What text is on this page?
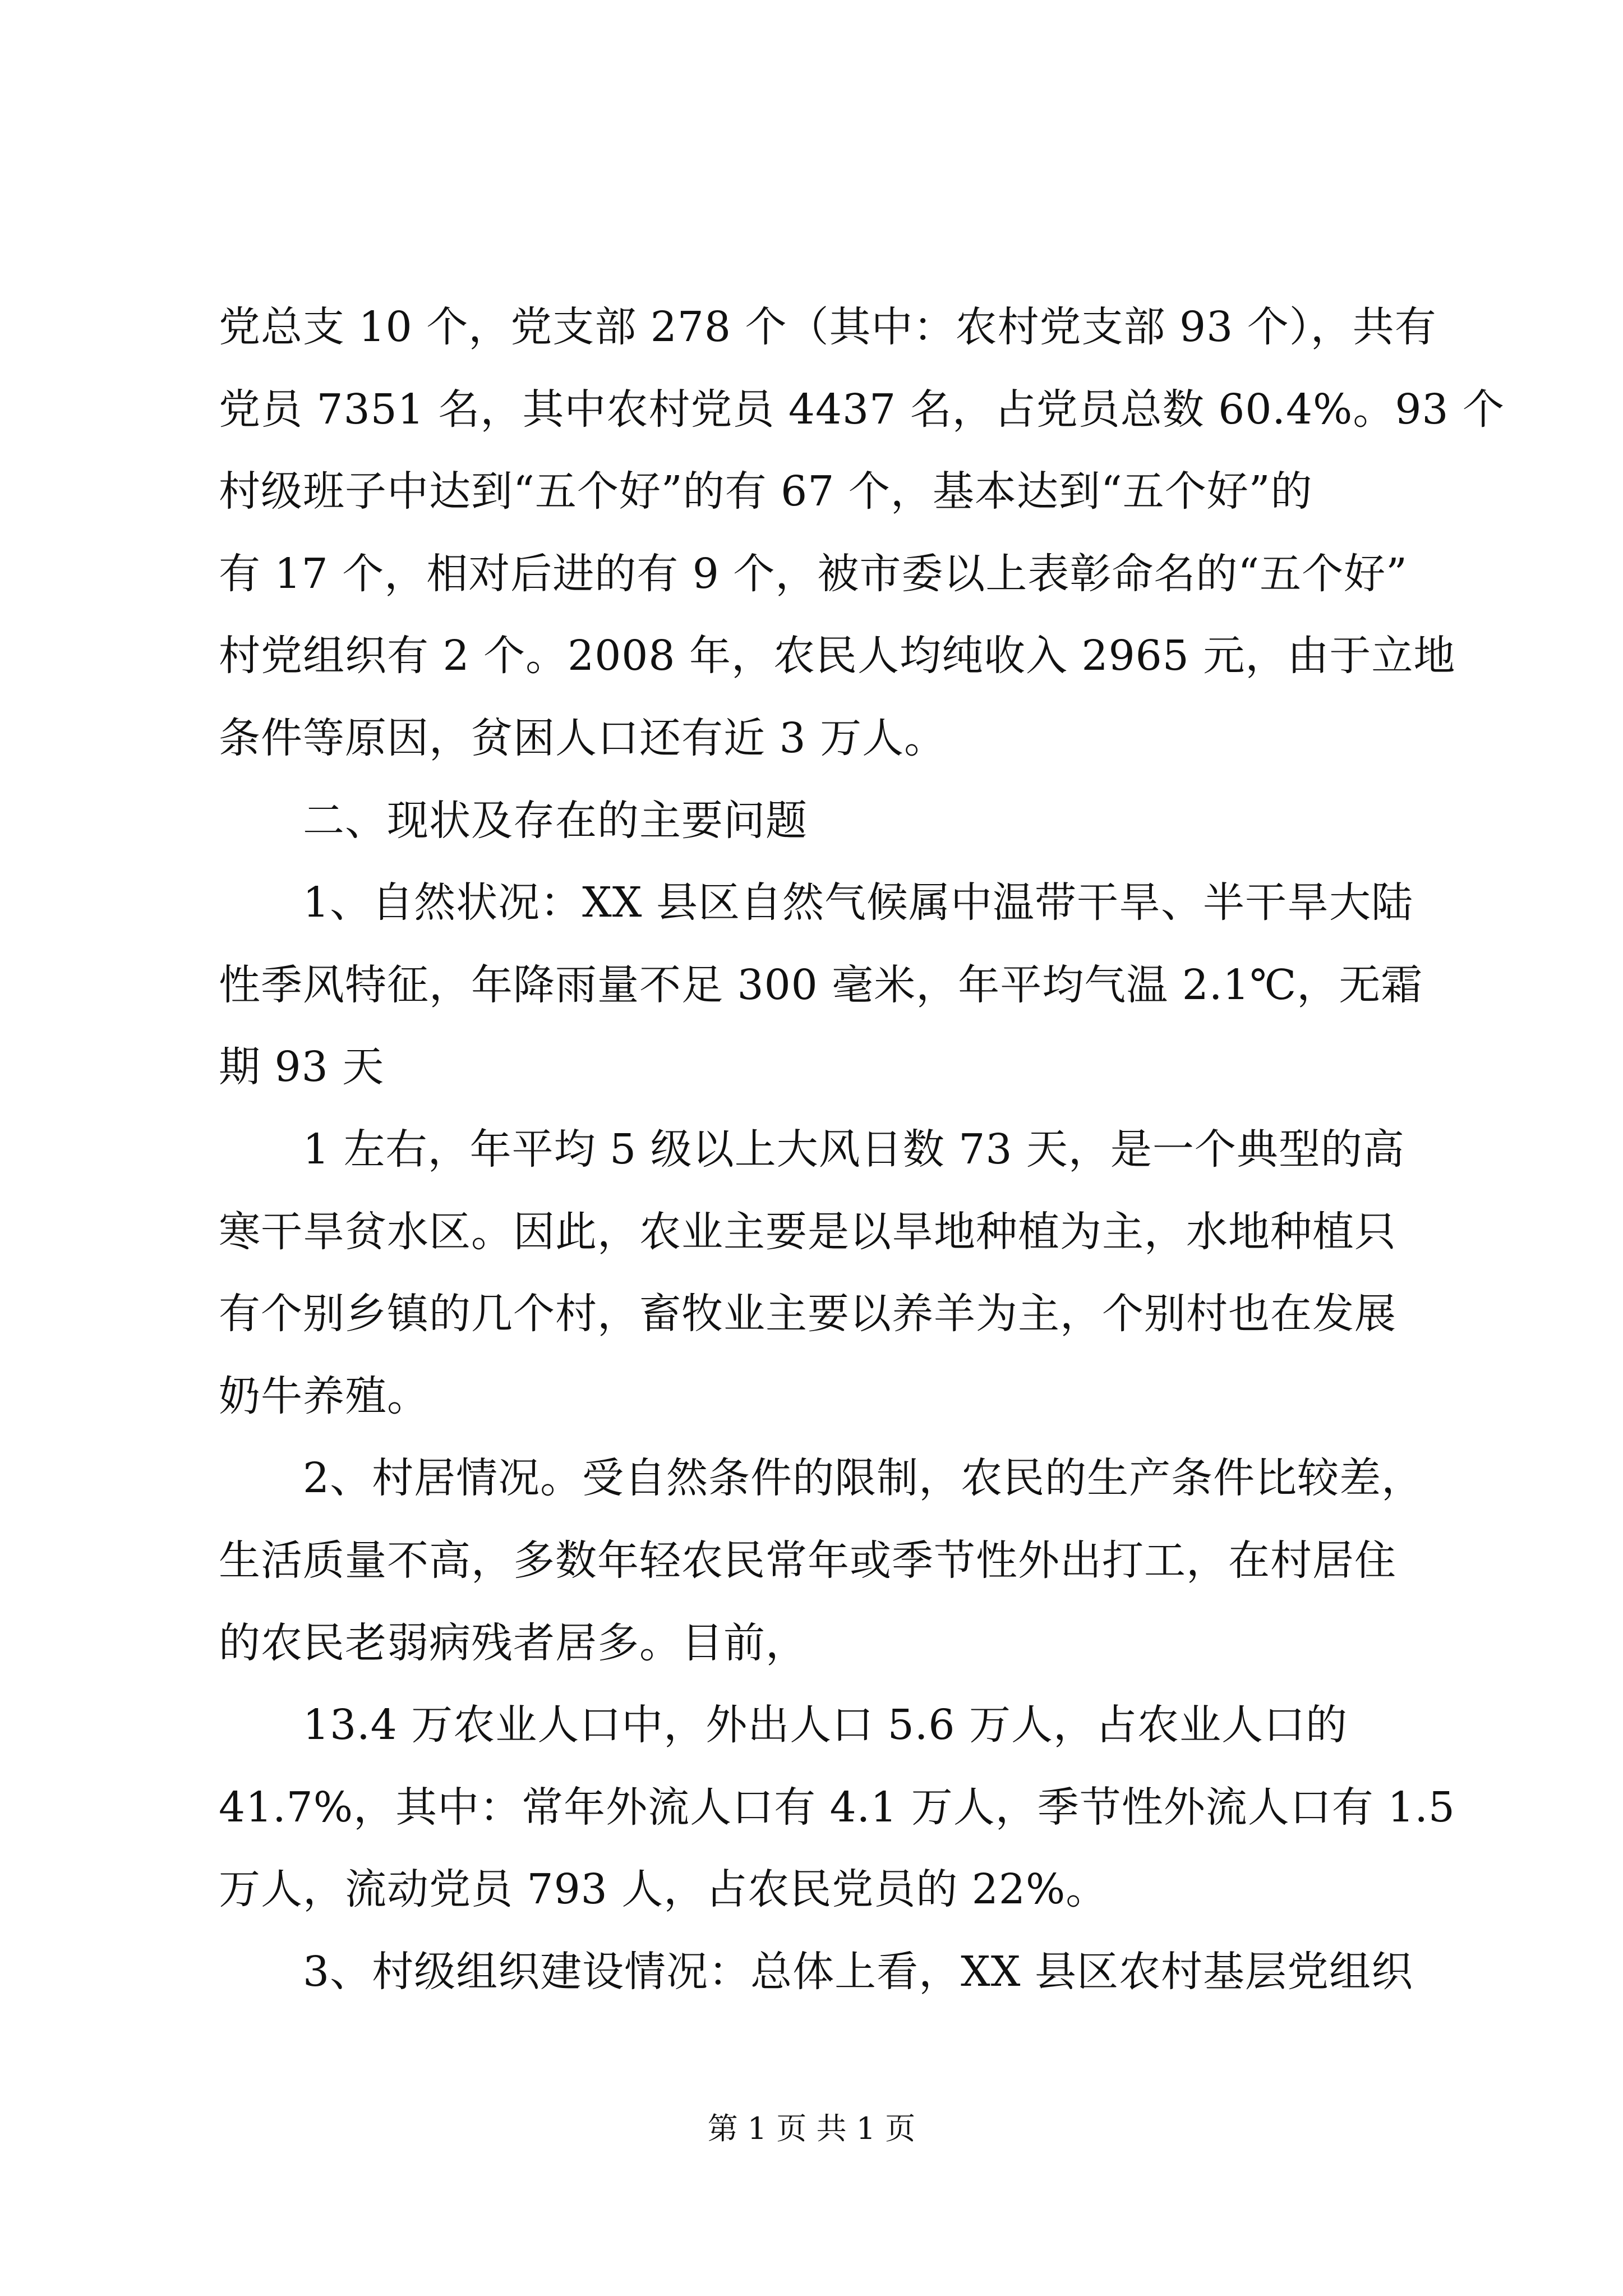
党总支 10 个，党支部 278 个（其中：农村党支部 93 个），共有
党员 7351 名，其中农村党员 4437 名，占党员总数 60.4%。93 个
村级班子中达到“五个好”的有 67 个，基本达到“五个好”的
有 17 个，相对后进的有 9 个，被市委以上表彰命名的“五个好”
村党组织有 2 个。2008 年，农民人均纯收入 2965 元，由于立地
条件等原因，贫困人口还有近 3 万人。
二、现状及存在的主要问题
1、自然状况：XX 县区自然气候属中温带干旱、半干旱大陆
性季风特征，年降雨量不足 300 毫米，年平均气温 2.1℃，无霜
期 93 天
1 左右，年平均 5 级以上大风日数 73 天，是一个典型的高
寒干旱贫水区。因此，农业主要是以旱地种植为主，水地种植只
有个别乡镇的几个村，畜牧业主要以养羊为主，个别村也在发展
奶牛养殖。
2、村居情况。受自然条件的限制，农民的生产条件比较差，
生活质量不高，多数年轻农民常年或季节性外出打工，在村居住
的农民老弱病残者居多。目前，
13.4 万农业人口中，外出人口 5.6 万人，占农业人口的
41.7%，其中：常年外流人口有 4.1 万人，季节性外流人口有 1.5
万人，流动党员 793 人，占农民党员的 22%。
3、村级组织建设情况：总体上看，XX 县区农村基层党组织
第 1 页 共 1 页
